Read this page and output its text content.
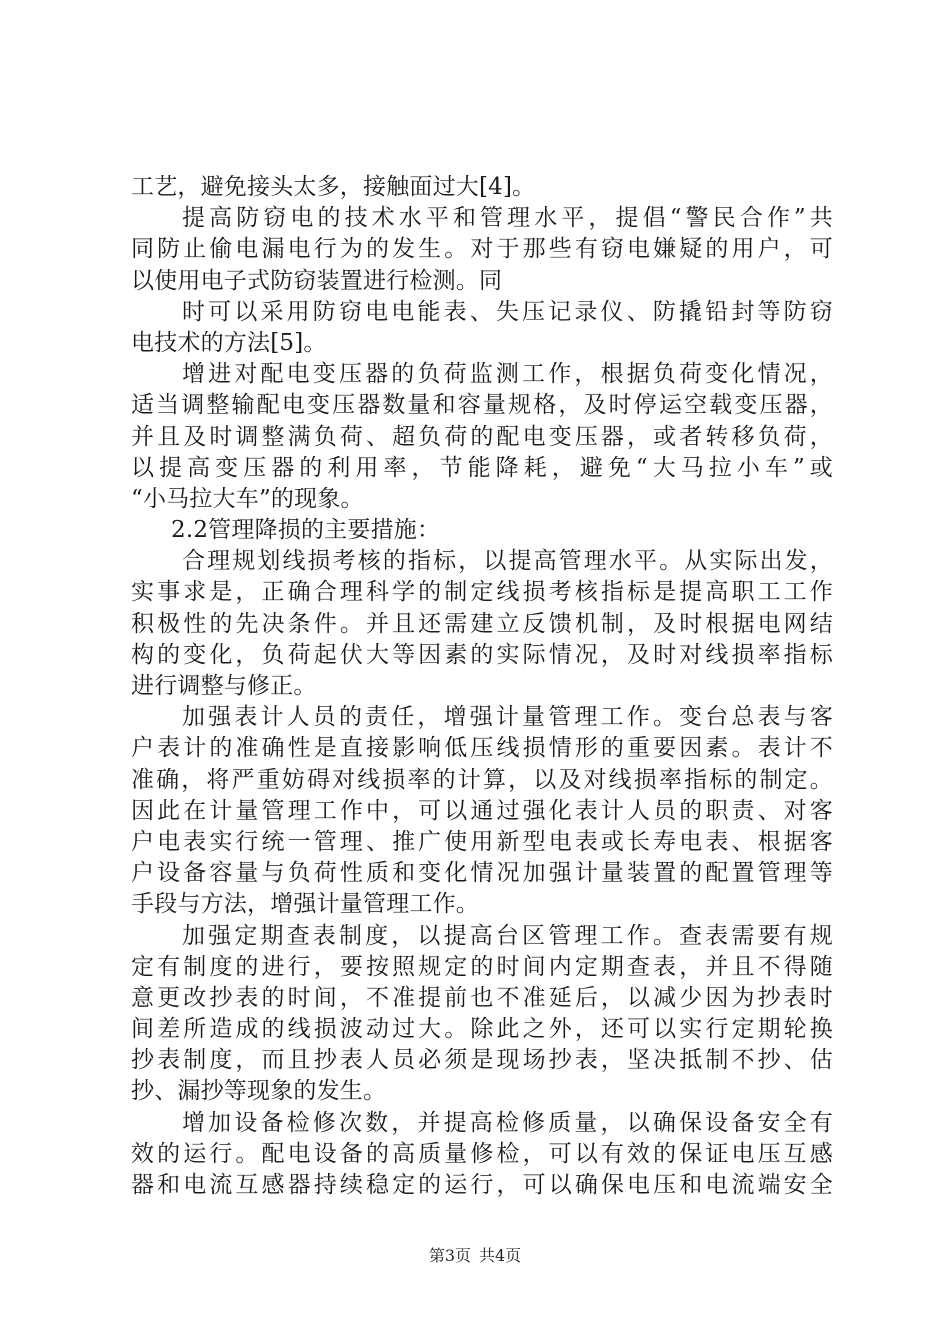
工艺，避免接头太多，接触面过大[4]。
提高防窃电的技术水平和管理水平，提倡“警民合作”共
同防止偷电漏电行为的发生。对于那些有窃电嫌疑的用户，可
以使用电子式防窃装置进行检测。同
时可以采用防窃电电能表、失压记录仪、防撬铅封等防窃
电技术的方法[5]。
增进对配电变压器的负荷监测工作，根据负荷变化情况，
适当调整输配电变压器数量和容量规格，及时停运空载变压器，
并且及时调整满负荷、超负荷的配电变压器，或者转移负荷，
以提高变压器的利用率，节能降耗，避免“大马拉小车”或
“小马拉大车”的现象。
2.2管理降损的主要措施：
合理规划线损考核的指标，以提高管理水平。从实际出发，
实事求是，正确合理科学的制定线损考核指标是提高职工工作
积极性的先决条件。并且还需建立反馈机制，及时根据电网结
构的变化，负荷起伏大等因素的实际情况，及时对线损率指标
进行调整与修正。
加强表计人员的责任，增强计量管理工作。变台总表与客
户表计的准确性是直接影响低压线损情形的重要因素。表计不
准确，将严重妨碍对线损率的计算，以及对线损率指标的制定。
因此在计量管理工作中，可以通过强化表计人员的职责、对客
户电表实行统一管理、推广使用新型电表或长寿电表、根据客
户设备容量与负荷性质和变化情况加强计量装置的配置管理等
手段与方法，增强计量管理工作。
加强定期查表制度，以提高台区管理工作。查表需要有规
定有制度的进行，要按照规定的时间内定期查表，并且不得随
意更改抄表的时间，不准提前也不准延后，以减少因为抄表时
间差所造成的线损波动过大。除此之外，还可以实行定期轮换
抄表制度，而且抄表人员必须是现场抄表，坚决抵制不抄、估
抄、漏抄等现象的发生。
增加设备检修次数，并提高检修质量，以确保设备安全有
效的运行。配电设备的高质量修检，可以有效的保证电压互感
器和电流互感器持续稳定的运行，可以确保电压和电流端安全
第3页 共4页
